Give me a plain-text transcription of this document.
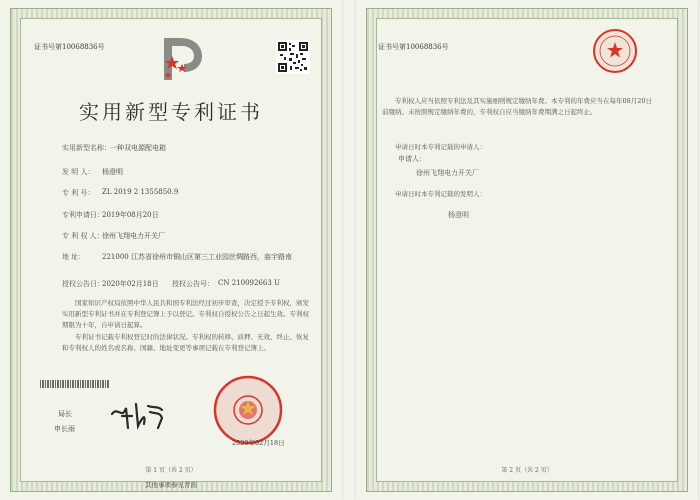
证书号第10068836号
实用新型专利证书
实用新型名称： 一种双电源配电箱
发 明 人： 杨澄明
专 利 号： ZL 2019 2 1355850.9
专利申请日：
2019年08月20日
专 利 权 人：
徐州飞翔电力开关厂
地 址： 221000 江苏省徐州市铜山区第三工业园丝绸路西，庙宇路南
授权公告日：
2020年02月18日 授权公告号： CN 210092663 U
国家知识产权局依照中华人民共和国专利法经过初步审查，决定授予专利权，颁发实用新型专利证书并在专利登记簿上予以登记。专利权自授权公告之日起生效。专利权期限为十年，自申请日起算。
专利证书记载专利权登记时的法律状况。专利权的转移、质押、无效、终止、恢复和专利权人的姓名或名称、国籍、地址变更等事项记载在专利登记簿上。
局长
申长雨
2020年02月18日
第 1 页（共 2 页）
其他事项参见背面
证书号第10068836号
专利权人应当依照专利法及其实施细则规定缴纳年费。本专利的年费应当在每年08月20日前缴纳。未按照规定缴纳年费的，专利权自应当缴纳年费期满之日起终止。
申请日时本专利记载的申请人：
申请人：
徐州飞翔电力开关厂
申请日时本专利记载的发明人：
杨澄明
第 2 页（共 2 页）
